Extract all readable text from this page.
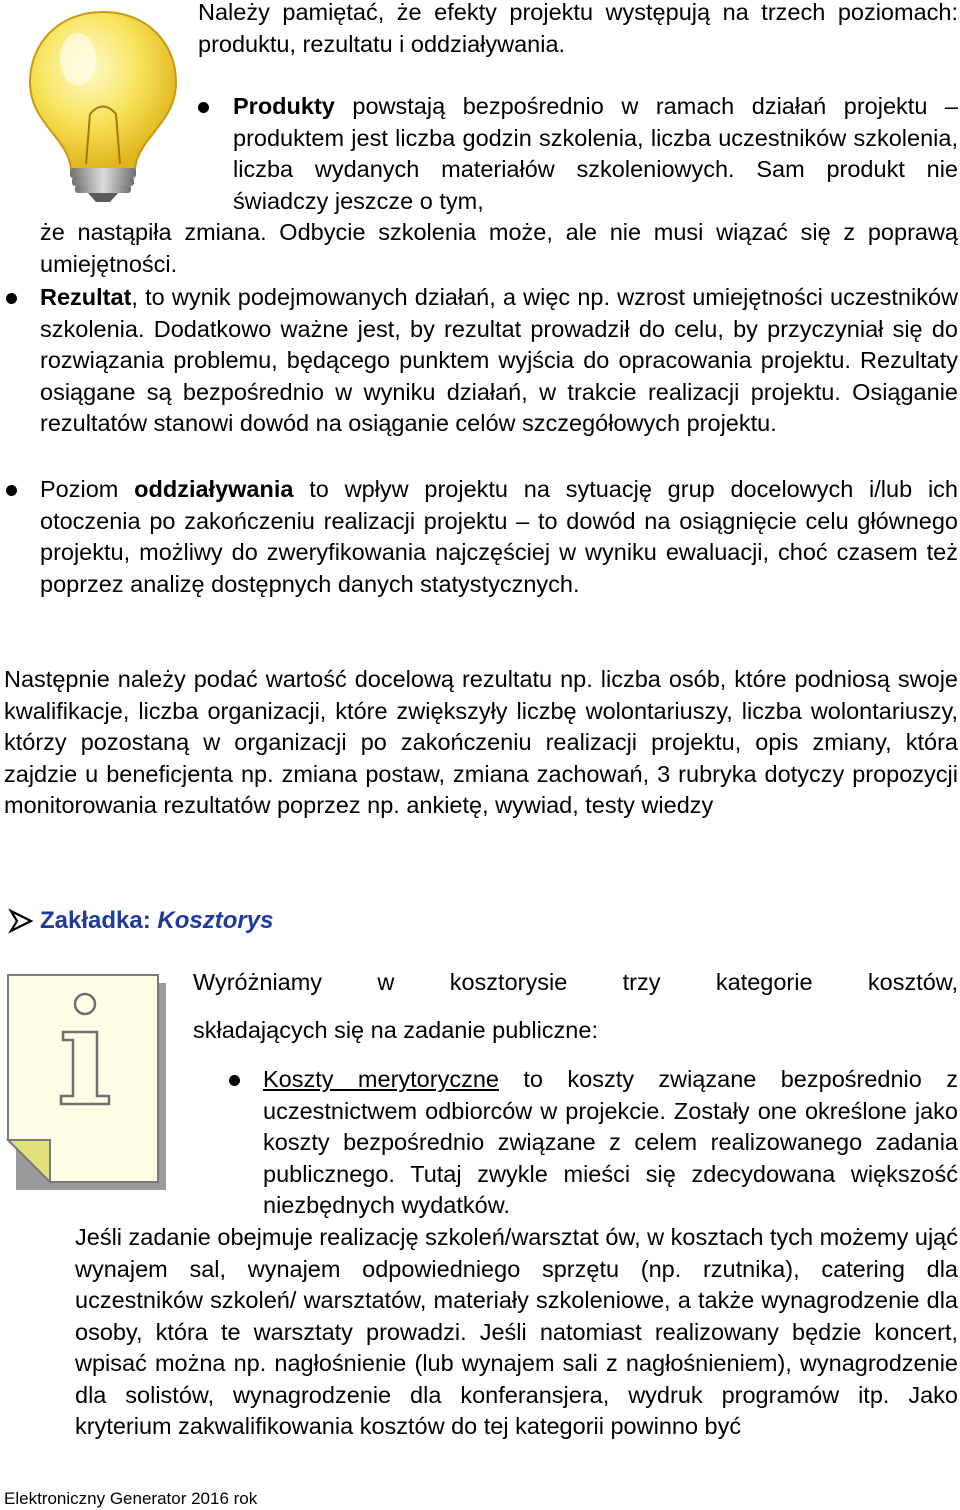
Należy pamiętać, że efekty projektu występują na trzech poziomach: produktu, rezultatu i oddziaływania.

Produkty powstają bezpośrednio w ramach działań projektu – produktem jest liczba godzin szkolenia, liczba uczestników szkolenia, liczba wydanych materiałów szkoleniowych. Sam produkt nie świadczy jeszcze o tym,

że nastąpiła zmiana. Odbycie szkolenia może, ale nie musi wiązać się z poprawą umiejętności.

Rezultat, to wynik podejmowanych działań, a więc np. wzrost umiejętności uczestników szkolenia. Dodatkowo ważne jest, by rezultat prowadził do celu, by przyczyniał się do rozwiązania problemu, będącego punktem wyjścia do opracowania projektu. Rezultaty osiągane są bezpośrednio w wyniku działań, w trakcie realizacji projektu. Osiąganie rezultatów stanowi dowód na osiąganie celów szczegółowych projektu.

Poziom oddziaływania to wpływ projektu na sytuację grup docelowych i/lub ich otoczenia po zakończeniu realizacji projektu – to dowód na osiągnięcie celu głównego projektu, możliwy do zweryfikowania najczęściej w wyniku ewaluacji, choć czasem też poprzez analizę dostępnych danych statystycznych.

Następnie należy podać wartość docelową rezultatu np. liczba osób, które podniosą swoje kwalifikacje, liczba organizacji, które zwiększyły liczbę wolontariuszy, liczba wolontariuszy, którzy pozostaną w organizacji po zakończeniu realizacji projektu, opis zmiany, która zajdzie u beneficjenta np. zmiana postaw, zmiana zachowań, 3 rubryka dotyczy propozycji monitorowania rezultatów poprzez np. ankietę, wywiad, testy wiedzy

Zakładka: Kosztorys

Wyróżniamy w kosztorysie trzy kategorie kosztów,

składających się na zadanie publiczne:

Koszty merytoryczne to koszty związane bezpośrednio z uczestnictwem odbiorców w projekcie. Zostały one określone jako koszty bezpośrednio związane z celem realizowanego zadania publicznego. Tutaj zwykle mieści się zdecydowana większość niezbędnych wydatków.

Jeśli zadanie obejmuje realizację szkoleń/warsztat ów, w kosztach tych możemy ująć wynajem sal, wynajem odpowiedniego sprzętu (np. rzutnika), catering dla uczestników szkoleń/ warsztatów, materiały szkoleniowe, a także wynagrodzenie dla osoby, która te warsztaty prowadzi. Jeśli natomiast realizowany będzie koncert, wpisać można np. nagłośnienie (lub wynajem sali z nagłośnieniem), wynagrodzenie dla solistów, wynagrodzenie dla konferansjera, wydruk programów itp. Jako kryterium zakwalifikowania kosztów do tej kategorii powinno być

Elektroniczny Generator 2016 rok
